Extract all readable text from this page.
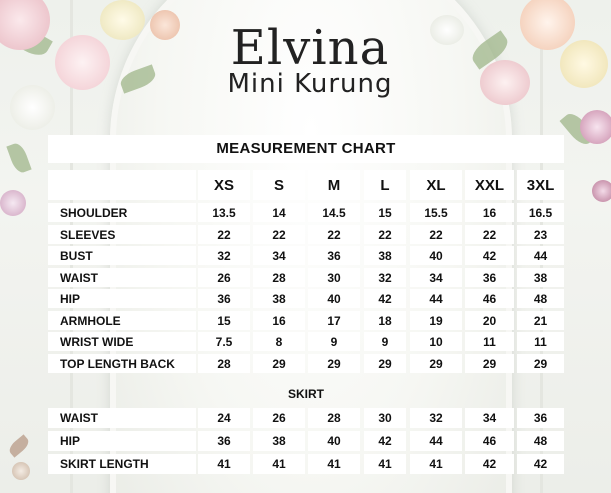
Elvina
Mini Kurung
MEASUREMENT CHART
XS	S	M	L	XL	XXL	3XL
SHOULDER	13.5	14	14.5	15	15.5	16	16.5
SLEEVES	22	22	22	22	22	22	23
BUST	32	34	36	38	40	42	44
WAIST	26	28	30	32	34	36	38
HIP	36	38	40	42	44	46	48
ARMHOLE	15	16	17	18	19	20	21
WRIST WIDE	7.5	8	9	9	10	11	11
TOP LENGTH BACK	28	29	29	29	29	29	29
WAIST	24	26	28	30	32	34	36
HIP	36	38	40	42	44	46	48
SKIRT LENGTH	41	41	41	41	41	42	42
SKIRT
